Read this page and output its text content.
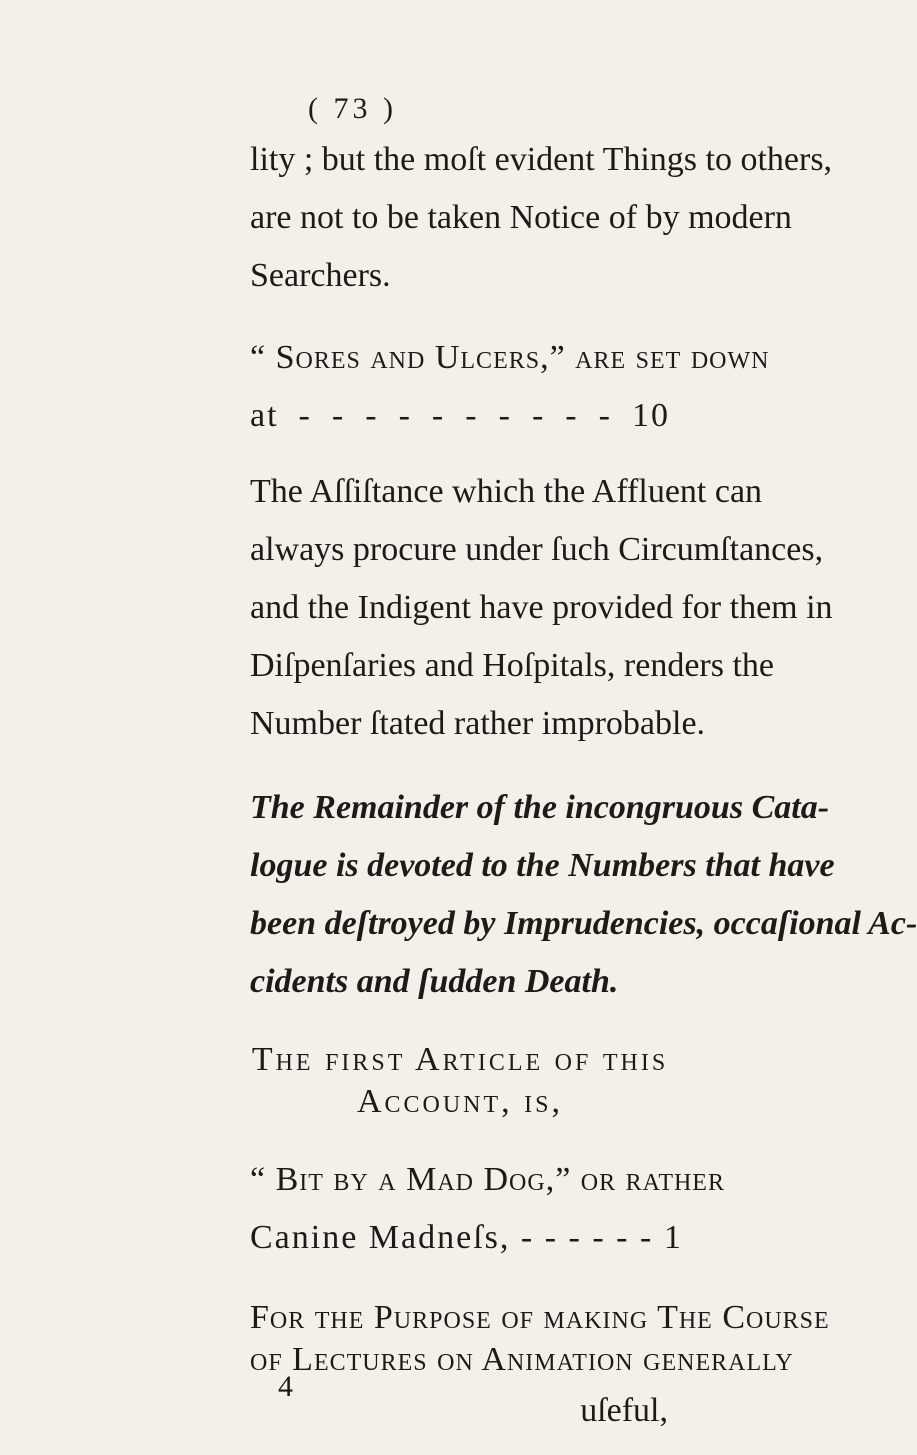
( 73 )
lity ; but the moſt evident Things to others,
are not to be taken Notice of by modern
Searchers.
“ Sores and Ulcers,” are ſet down
at - - - - - - - - - - 10
The Aſſiſtance which the Affluent can
always procure under ſuch Circumſtances,
and the Indigent have provided for them in
Diſpenſaries and Hoſpitals, renders the
Number ſtated rather improbable.
The Remainder of the incongruous Cata-
logue is devoted to the Numbers that have
been deſtroyed by Imprudencies, occaſional Ac-
cidents and ſudden Death.
The first Article of this
Account, is,
“ Bit by a Mad Dog,” or rather
Canine Madneſs, - - - - - - 1
For the Purpoſe of making The Course
of Lectures on Animation generally
4
uſeful,
